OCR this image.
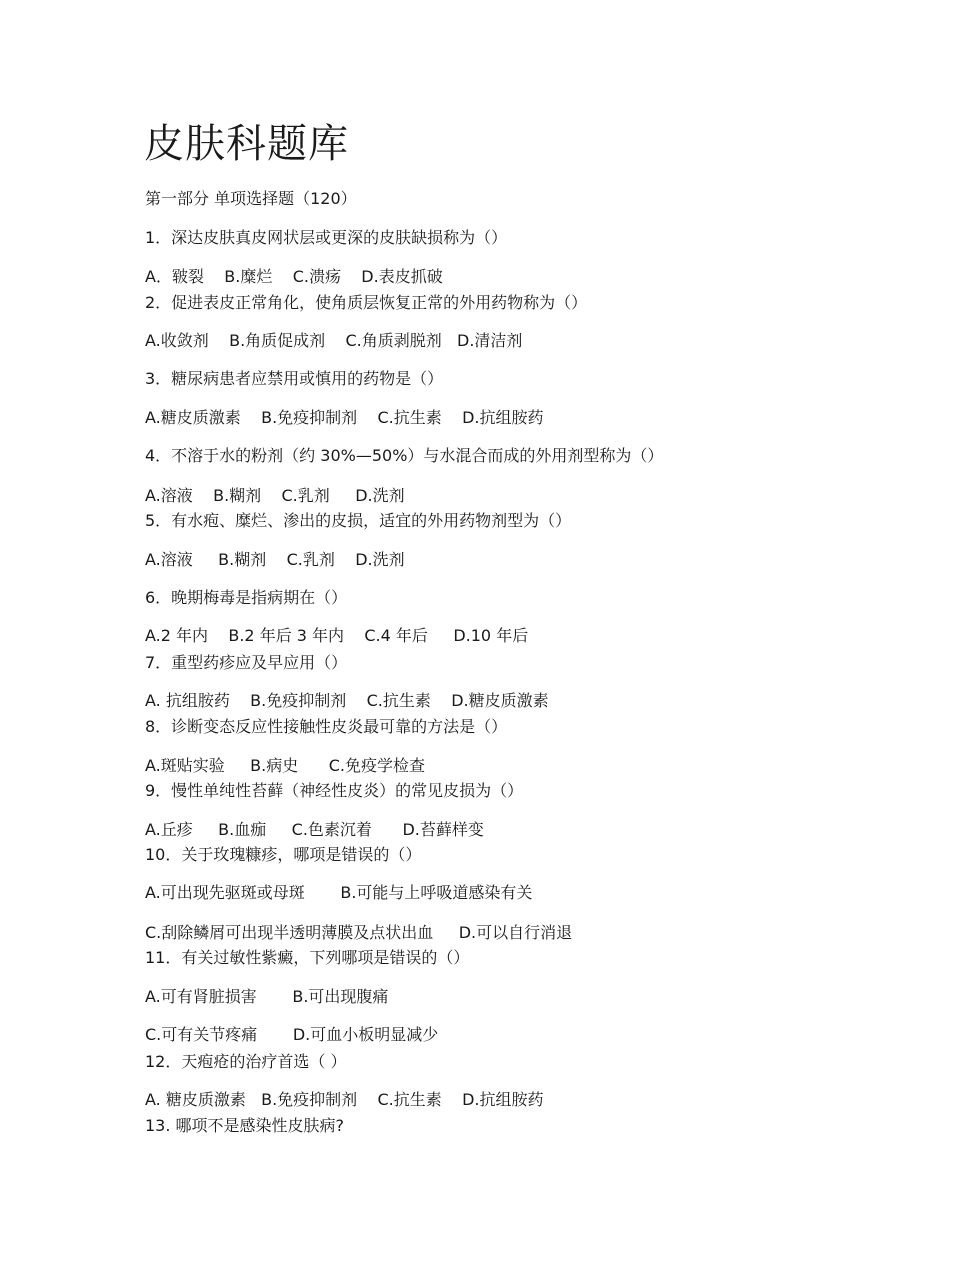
皮肤科题库
第一部分 单项选择题（120）
1．深达皮肤真皮网状层或更深的皮肤缺损称为（）
A．皲裂    B.糜烂    C.溃疡    D.表皮抓破
2．促进表皮正常角化，使角质层恢复正常的外用药物称为（）
A.收敛剂    B.角质促成剂    C.角质剥脱剂   D.清洁剂
3．糖尿病患者应禁用或慎用的药物是（）
A.糖皮质激素    B.免疫抑制剂    C.抗生素    D.抗组胺药
4．不溶于水的粉剂（约 30%—50%）与水混合而成的外用剂型称为（）
A.溶液    B.糊剂    C.乳剂     D.洗剂
5．有水疱、糜烂、渗出的皮损，适宜的外用药物剂型为（）
A.溶液     B.糊剂    C.乳剂    D.洗剂
6．晚期梅毒是指病期在（）
A.2 年内    B.2 年后 3 年内    C.4 年后     D.10 年后
7．重型药疹应及早应用（）
A. 抗组胺药    B.免疫抑制剂    C.抗生素    D.糖皮质激素
8．诊断变态反应性接触性皮炎最可靠的方法是（）
A.斑贴实验     B.病史      C.免疫学检查
9．慢性单纯性苔藓（神经性皮炎）的常见皮损为（）
A.丘疹     B.血痂     C.色素沉着      D.苔藓样变
10．关于玫瑰糠疹，哪项是错误的（）
A.可出现先驱斑或母斑       B.可能与上呼吸道感染有关
C.刮除鳞屑可出现半透明薄膜及点状出血     D.可以自行消退
11．有关过敏性紫癜，下列哪项是错误的（）
A.可有肾脏损害       B.可出现腹痛
C.可有关节疼痛       D.可血小板明显减少
12．天疱疮的治疗首选（ ）
A. 糖皮质激素   B.免疫抑制剂    C.抗生素    D.抗组胺药
13. 哪项不是感染性皮肤病?
